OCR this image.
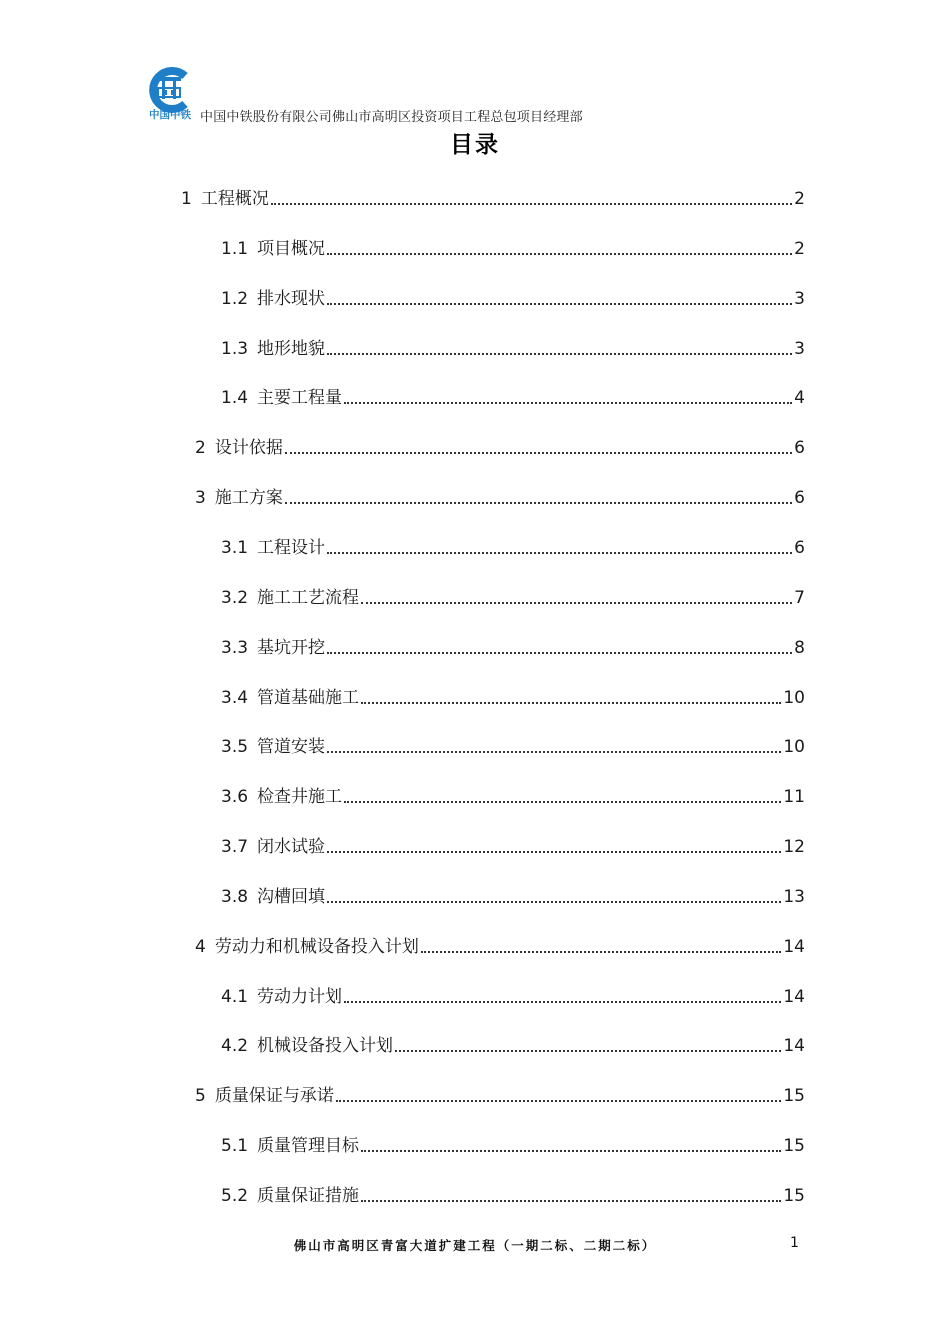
中国中铁 中国中铁股份有限公司佛山市高明区投资项目工程总包项目经理部
目录
1 工程概况	2
1.1 项目概况	2
1.2 排水现状	3
1.3 地形地貌	3
1.4 主要工程量	4
2 设计依据	6
3 施工方案	6
3.1 工程设计	6
3.2 施工工艺流程	7
3.3 基坑开挖	8
3.4 管道基础施工	10
3.5 管道安装	10
3.6 检查井施工	11
3.7 闭水试验	12
3.8 沟槽回填	13
4 劳动力和机械设备投入计划	14
4.1 劳动力计划	14
4.2 机械设备投入计划	14
5 质量保证与承诺	15
5.1 质量管理目标	15
5.2 质量保证措施	15
佛山市高明区青富大道扩建工程（一期二标、二期二标）	1
